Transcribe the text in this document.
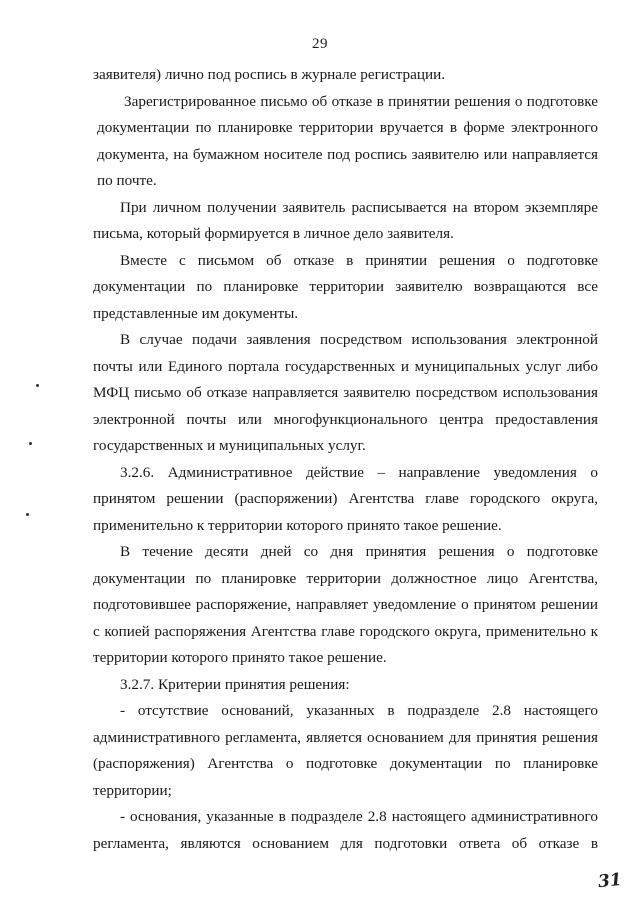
29

заявителя) лично под роспись в журнале регистрации.

Зарегистрированное письмо об отказе в принятии решения о подготовке документации по планировке территории вручается в форме электронного документа, на бумажном носителе под роспись заявителю или направляется по почте.

При личном получении заявитель расписывается на втором экземпляре письма, который формируется в личное дело заявителя.

Вместе с письмом об отказе в принятии решения о подготовке документации по планировке территории заявителю возвращаются все представленные им документы.

В случае подачи заявления посредством использования электронной почты или Единого портала государственных и муниципальных услуг либо МФЦ письмо об отказе направляется заявителю посредством использования электронной почты или многофункционального центра предоставления государственных и муниципальных услуг.

3.2.6. Административное действие – направление уведомления о принятом решении (распоряжении) Агентства главе городского округа, применительно к территории которого принято такое решение.

В течение десяти дней со дня принятия решения о подготовке документации по планировке территории должностное лицо Агентства, подготовившее распоряжение, направляет уведомление о принятом решении с копией распоряжения Агентства главе городского округа, применительно к территории которого принято такое решение.

3.2.7. Критерии принятия решения:

- отсутствие оснований, указанных в подразделе 2.8 настоящего административного регламента, является основанием для принятия решения (распоряжения) Агентства о подготовке документации по планировке территории;

- основания, указанные в подразделе 2.8 настоящего административного регламента, являются основанием для подготовки ответа об отказе в

31
